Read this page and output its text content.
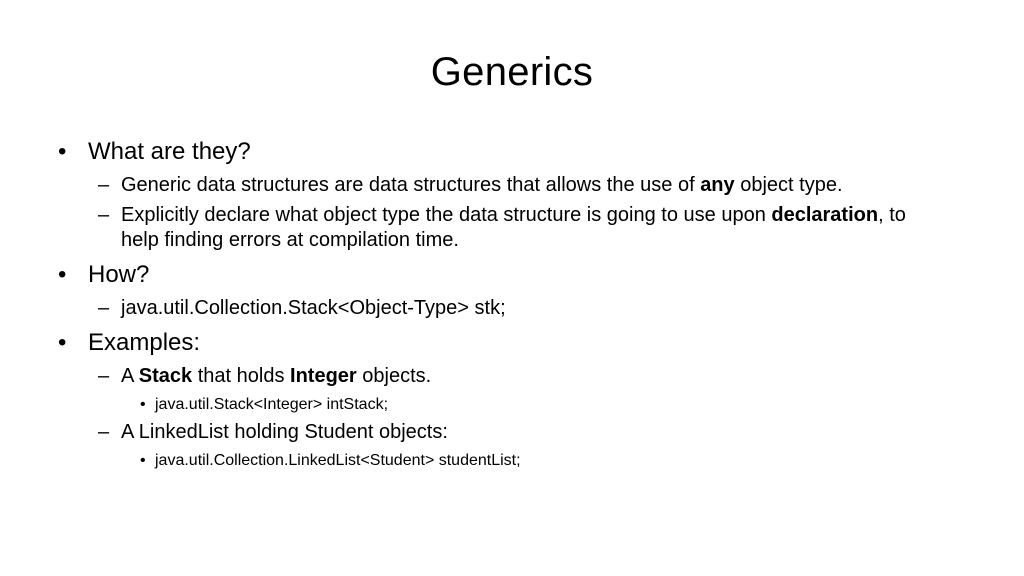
Generics
• What are they?
– Generic data structures are data structures that allows the use of any object type.
– Explicitly declare what object type the data structure is going to use upon declaration, to help finding errors at compilation time.
• How?
– java.util.Collection.Stack<Object-Type> stk;
• Examples:
– A Stack that holds Integer objects.
• java.util.Stack<Integer> intStack;
– A LinkedList holding Student objects:
• java.util.Collection.LinkedList<Student> studentList;
